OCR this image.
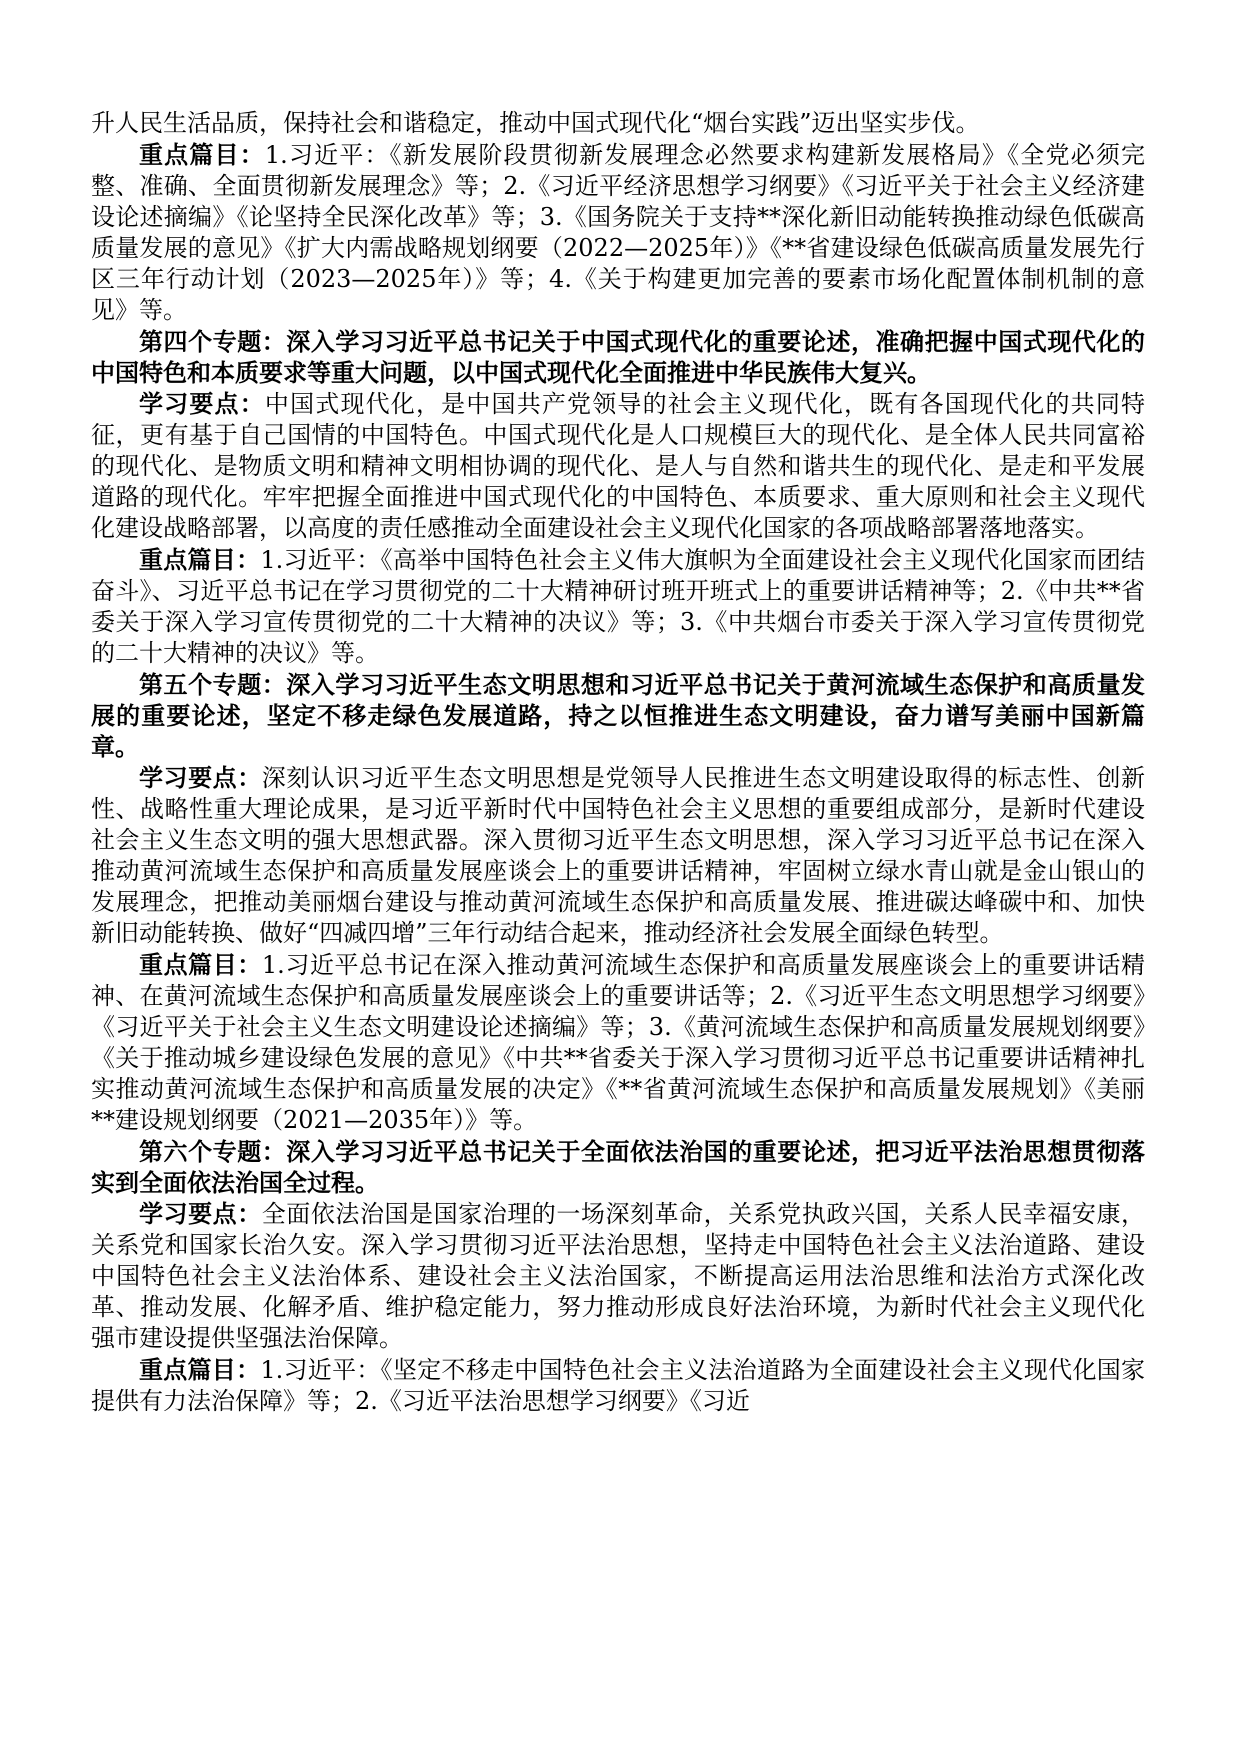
升人民生活品质，保持社会和谐稳定，推动中国式现代化“烟台实践”迈出坚实步伐。

重点篇目：1.习近平：《新发展阶段贯彻新发展理念必然要求构建新发展格局》《全党必须完整、准确、全面贯彻新发展理念》等；2.《习近平经济思想学习纲要》《习近平关于社会主义经济建设论述摘编》《论坚持全民深化改革》等；3.《国务院关于支持**深化新旧动能转换推动绿色低碳高质量发展的意见》《扩大内需战略规划纲要（2022—2025年）》《**省建设绿色低碳高质量发展先行区三年行动计划（2023—2025年）》等；4.《关于构建更加完善的要素市场化配置体制机制的意见》等。

第四个专题：深入学习习近平总书记关于中国式现代化的重要论述，准确把握中国式现代化的中国特色和本质要求等重大问题，以中国式现代化全面推进中华民族伟大复兴。

学习要点：中国式现代化，是中国共产党领导的社会主义现代化，既有各国现代化的共同特征，更有基于自己国情的中国特色。中国式现代化是人口规模巨大的现代化、是全体人民共同富裕的现代化、是物质文明和精神文明相协调的现代化、是人与自然和谐共生的现代化、是走和平发展道路的现代化。牢牢把握全面推进中国式现代化的中国特色、本质要求、重大原则和社会主义现代化建设战略部署，以高度的责任感推动全面建设社会主义现代化国家的各项战略部署落地落实。

重点篇目：1.习近平：《高举中国特色社会主义伟大旗帜为全面建设社会主义现代化国家而团结奋斗》、习近平总书记在学习贯彻党的二十大精神研讨班开班式上的重要讲话精神等；2.《中共**省委关于深入学习宣传贯彻党的二十大精神的决议》等；3.《中共烟台市委关于深入学习宣传贯彻党的二十大精神的决议》等。

第五个专题：深入学习习近平生态文明思想和习近平总书记关于黄河流域生态保护和高质量发展的重要论述，坚定不移走绿色发展道路，持之以恒推进生态文明建设，奋力谱写美丽中国新篇章。

学习要点：深刻认识习近平生态文明思想是党领导人民推进生态文明建设取得的标志性、创新性、战略性重大理论成果，是习近平新时代中国特色社会主义思想的重要组成部分，是新时代建设社会主义生态文明的强大思想武器。深入贯彻习近平生态文明思想，深入学习习近平总书记在深入推动黄河流域生态保护和高质量发展座谈会上的重要讲话精神，牢固树立绿水青山就是金山银山的发展理念，把推动美丽烟台建设与推动黄河流域生态保护和高质量发展、推进碳达峰碳中和、加快新旧动能转换、做好“四减四增”三年行动结合起来，推动经济社会发展全面绿色转型。

重点篇目：1.习近平总书记在深入推动黄河流域生态保护和高质量发展座谈会上的重要讲话精神、在黄河流域生态保护和高质量发展座谈会上的重要讲话等；2.《习近平生态文明思想学习纲要》《习近平关于社会主义生态文明建设论述摘编》等；3.《黄河流域生态保护和高质量发展规划纲要》《关于推动城乡建设绿色发展的意见》《中共**省委关于深入学习贯彻习近平总书记重要讲话精神扎实推动黄河流域生态保护和高质量发展的决定》《**省黄河流域生态保护和高质量发展规划》《美丽**建设规划纲要（2021—2035年）》等。

第六个专题：深入学习习近平总书记关于全面依法治国的重要论述，把习近平法治思想贯彻落实到全面依法治国全过程。

学习要点：全面依法治国是国家治理的一场深刻革命，关系党执政兴国，关系人民幸福安康，关系党和国家长治久安。深入学习贯彻习近平法治思想，坚持走中国特色社会主义法治道路、建设中国特色社会主义法治体系、建设社会主义法治国家，不断提高运用法治思维和法治方式深化改革、推动发展、化解矛盾、维护稳定能力，努力推动形成良好法治环境，为新时代社会主义现代化强市建设提供坚强法治保障。

重点篇目：1.习近平：《坚定不移走中国特色社会主义法治道路为全面建设社会主义现代化国家提供有力法治保障》等；2.《习近平法治思想学习纲要》《习近
